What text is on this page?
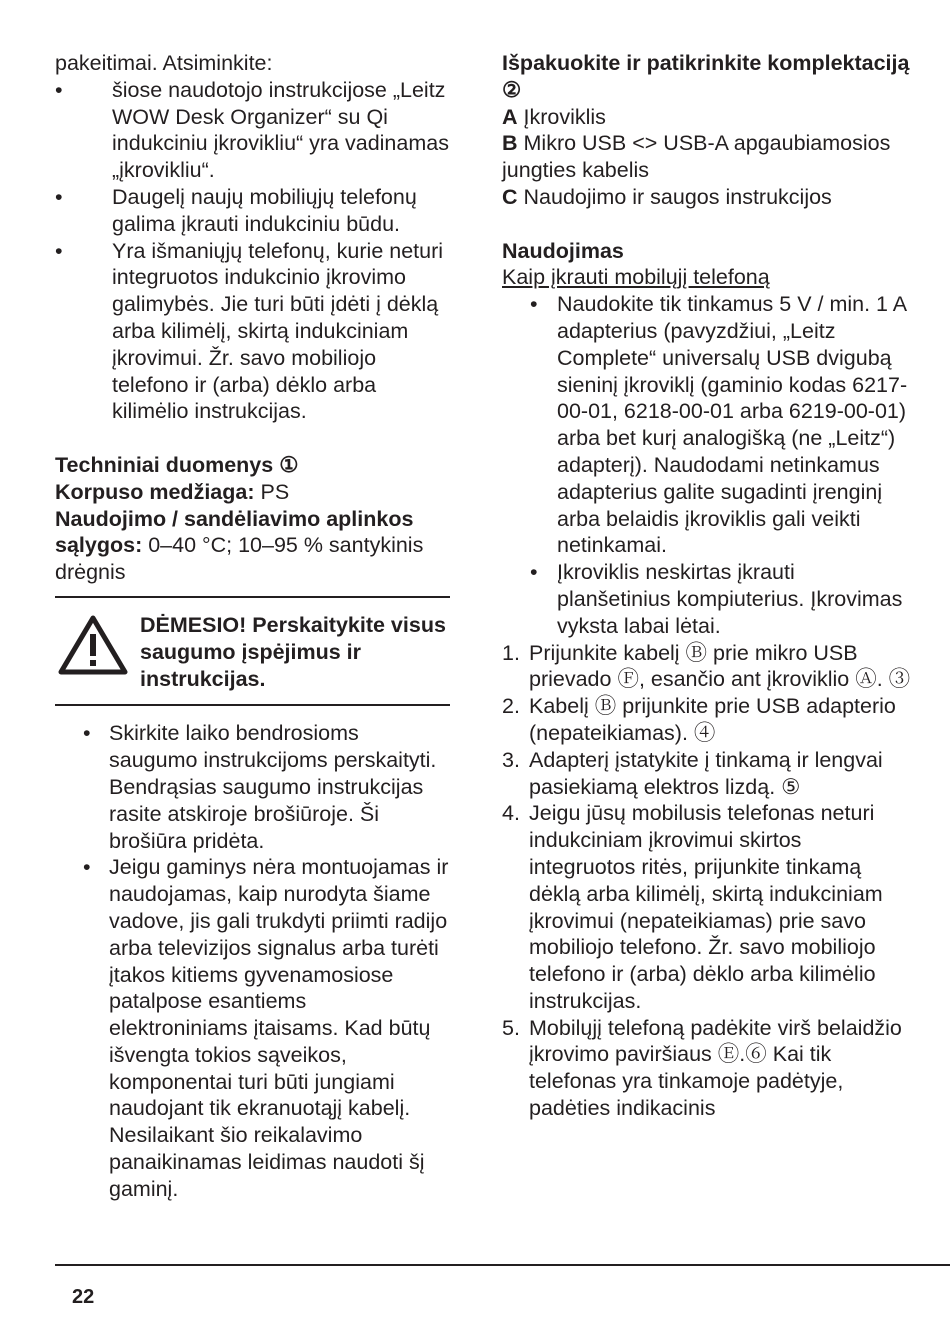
pakeitimai. Atsiminkite:

• šiose naudotojo instrukcijose „Leitz WOW Desk Organizer“ su Qi indukciniu įkrovikliu“ yra vadinamas „įkrovikliu“.
• Daugelį naujų mobiliųjų telefonų galima įkrauti indukciniu būdu.
• Yra išmaniųjų telefonų, kurie neturi integruotos indukcinio įkrovimo galimybės. Jie turi būti įdėti į dėklą arba kilimėlį, skirtą indukciniam įkrovimui. Žr. savo mobiliojo telefono ir (arba) dėklo arba kilimėlio instrukcijas.

Techniniai duomenys ①

Korpuso medžiaga: PS

Naudojimo / sandėliavimo aplinkos sąlygos: 0–40 °C; 10–95 % santykinis drėgnis

DĖMESIO! Perskaitykite visus saugumo įspėjimus ir instrukcijas.
• Skirkite laiko bendrosioms saugumo instrukcijoms perskaityti. Bendrąsias saugumo instrukcijas rasite atskiroje brošiūroje. Ši brošiūra pridėta.
• Jeigu gaminys nėra montuojamas ir naudojamas, kaip nurodyta šiame vadove, jis gali trukdyti priimti radijo arba televizijos signalus arba turėti įtakos kitiems gyvenamosiose patalpose esantiems elektroniniams įtaisams. Kad būtų išvengta tokios sąveikos, komponentai turi būti jungiami naudojant tik ekranuotąjį kabelį. Nesilaikant šio reikalavimo panaikinamas leidimas naudoti šį gaminį.

Išpakuokite ir patikrinkite komplektaciją ②

A Įkroviklis

B Mikro USB <> USB-A apgaubiamosios jungties kabelis

C Naudojimo ir saugos instrukcijos

Naudojimas

Kaip įkrauti mobilųjį telefoną

• Naudokite tik tinkamus 5 V / min. 1 A adapterius (pavyzdžiui, „Leitz Complete“ universalų USB dvigubą sieninį įkroviklį (gaminio kodas 6217-00-01, 6218-00-01 arba 6219-00-01) arba bet kurį analogišką (ne „Leitz“) adapterį). Naudodami netinkamus adapterius galite sugadinti įrenginį arba belaidis įkroviklis gali veikti netinkamai.
• Įkroviklis neskirtas įkrauti planšetinius kompiuterius. Įkrovimas vyksta labai lėtai.
1. Prijunkite kabelį Ⓑ prie mikro USB prievado Ⓕ, esančio ant įkroviklio Ⓐ. ③
2. Kabelį Ⓑ prijunkite prie USB adapterio (nepateikiamas). ④
3. Adapterį įstatykite į tinkamą ir lengvai pasiekiamą elektros lizdą. ⑤
4. Jeigu jūsų mobilusis telefonas neturi indukciniam įkrovimui skirtos integruotos ritės, prijunkite tinkamą dėklą arba kilimėlį, skirtą indukciniam įkrovimui (nepateikiamas) prie savo mobiliojo telefono. Žr. savo mobiliojo telefono ir (arba) dėklo arba kilimėlio instrukcijas.
5. Mobilųjį telefoną padėkite virš belaidžio įkrovimo paviršiaus Ⓔ.⑥ Kai tik telefonas yra tinkamoje padėtyje, padėties indikacinis
22
